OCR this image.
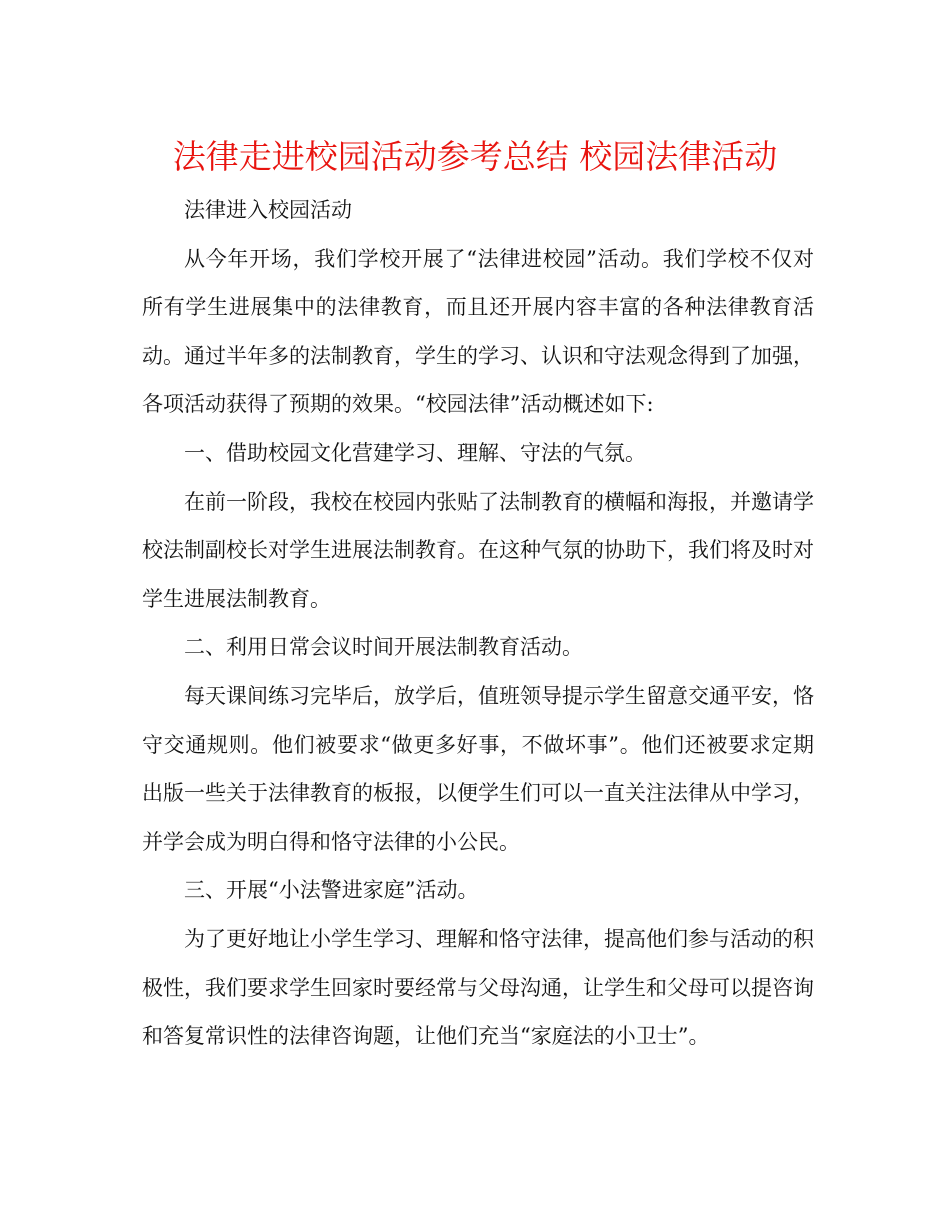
法律走进校园活动参考总结 校园法律活动

法律进入校园活动

从今年开场，我们学校开展了“法律进校园”活动。我们学校不仅对所有学生进展集中的法律教育，而且还开展内容丰富的各种法律教育活动。通过半年多的法制教育，学生的学习、认识和守法观念得到了加强，各项活动获得了预期的效果。“校园法律”活动概述如下:

一、借助校园文化营建学习、理解、守法的气氛。

在前一阶段，我校在校园内张贴了法制教育的横幅和海报，并邀请学校法制副校长对学生进展法制教育。在这种气氛的协助下，我们将及时对学生进展法制教育。

二、利用日常会议时间开展法制教育活动。

每天课间练习完毕后，放学后，值班领导提示学生留意交通平安，恪守交通规则。他们被要求“做更多好事，不做坏事”。他们还被要求定期出版一些关于法律教育的板报，以便学生们可以一直关注法律从中学习，并学会成为明白得和恪守法律的小公民。

三、开展“小法警进家庭”活动。

为了更好地让小学生学习、理解和恪守法律，提高他们参与活动的积极性，我们要求学生回家时要经常与父母沟通，让学生和父母可以提咨询和答复常识性的法律咨询题，让他们充当“家庭法的小卫士”。
